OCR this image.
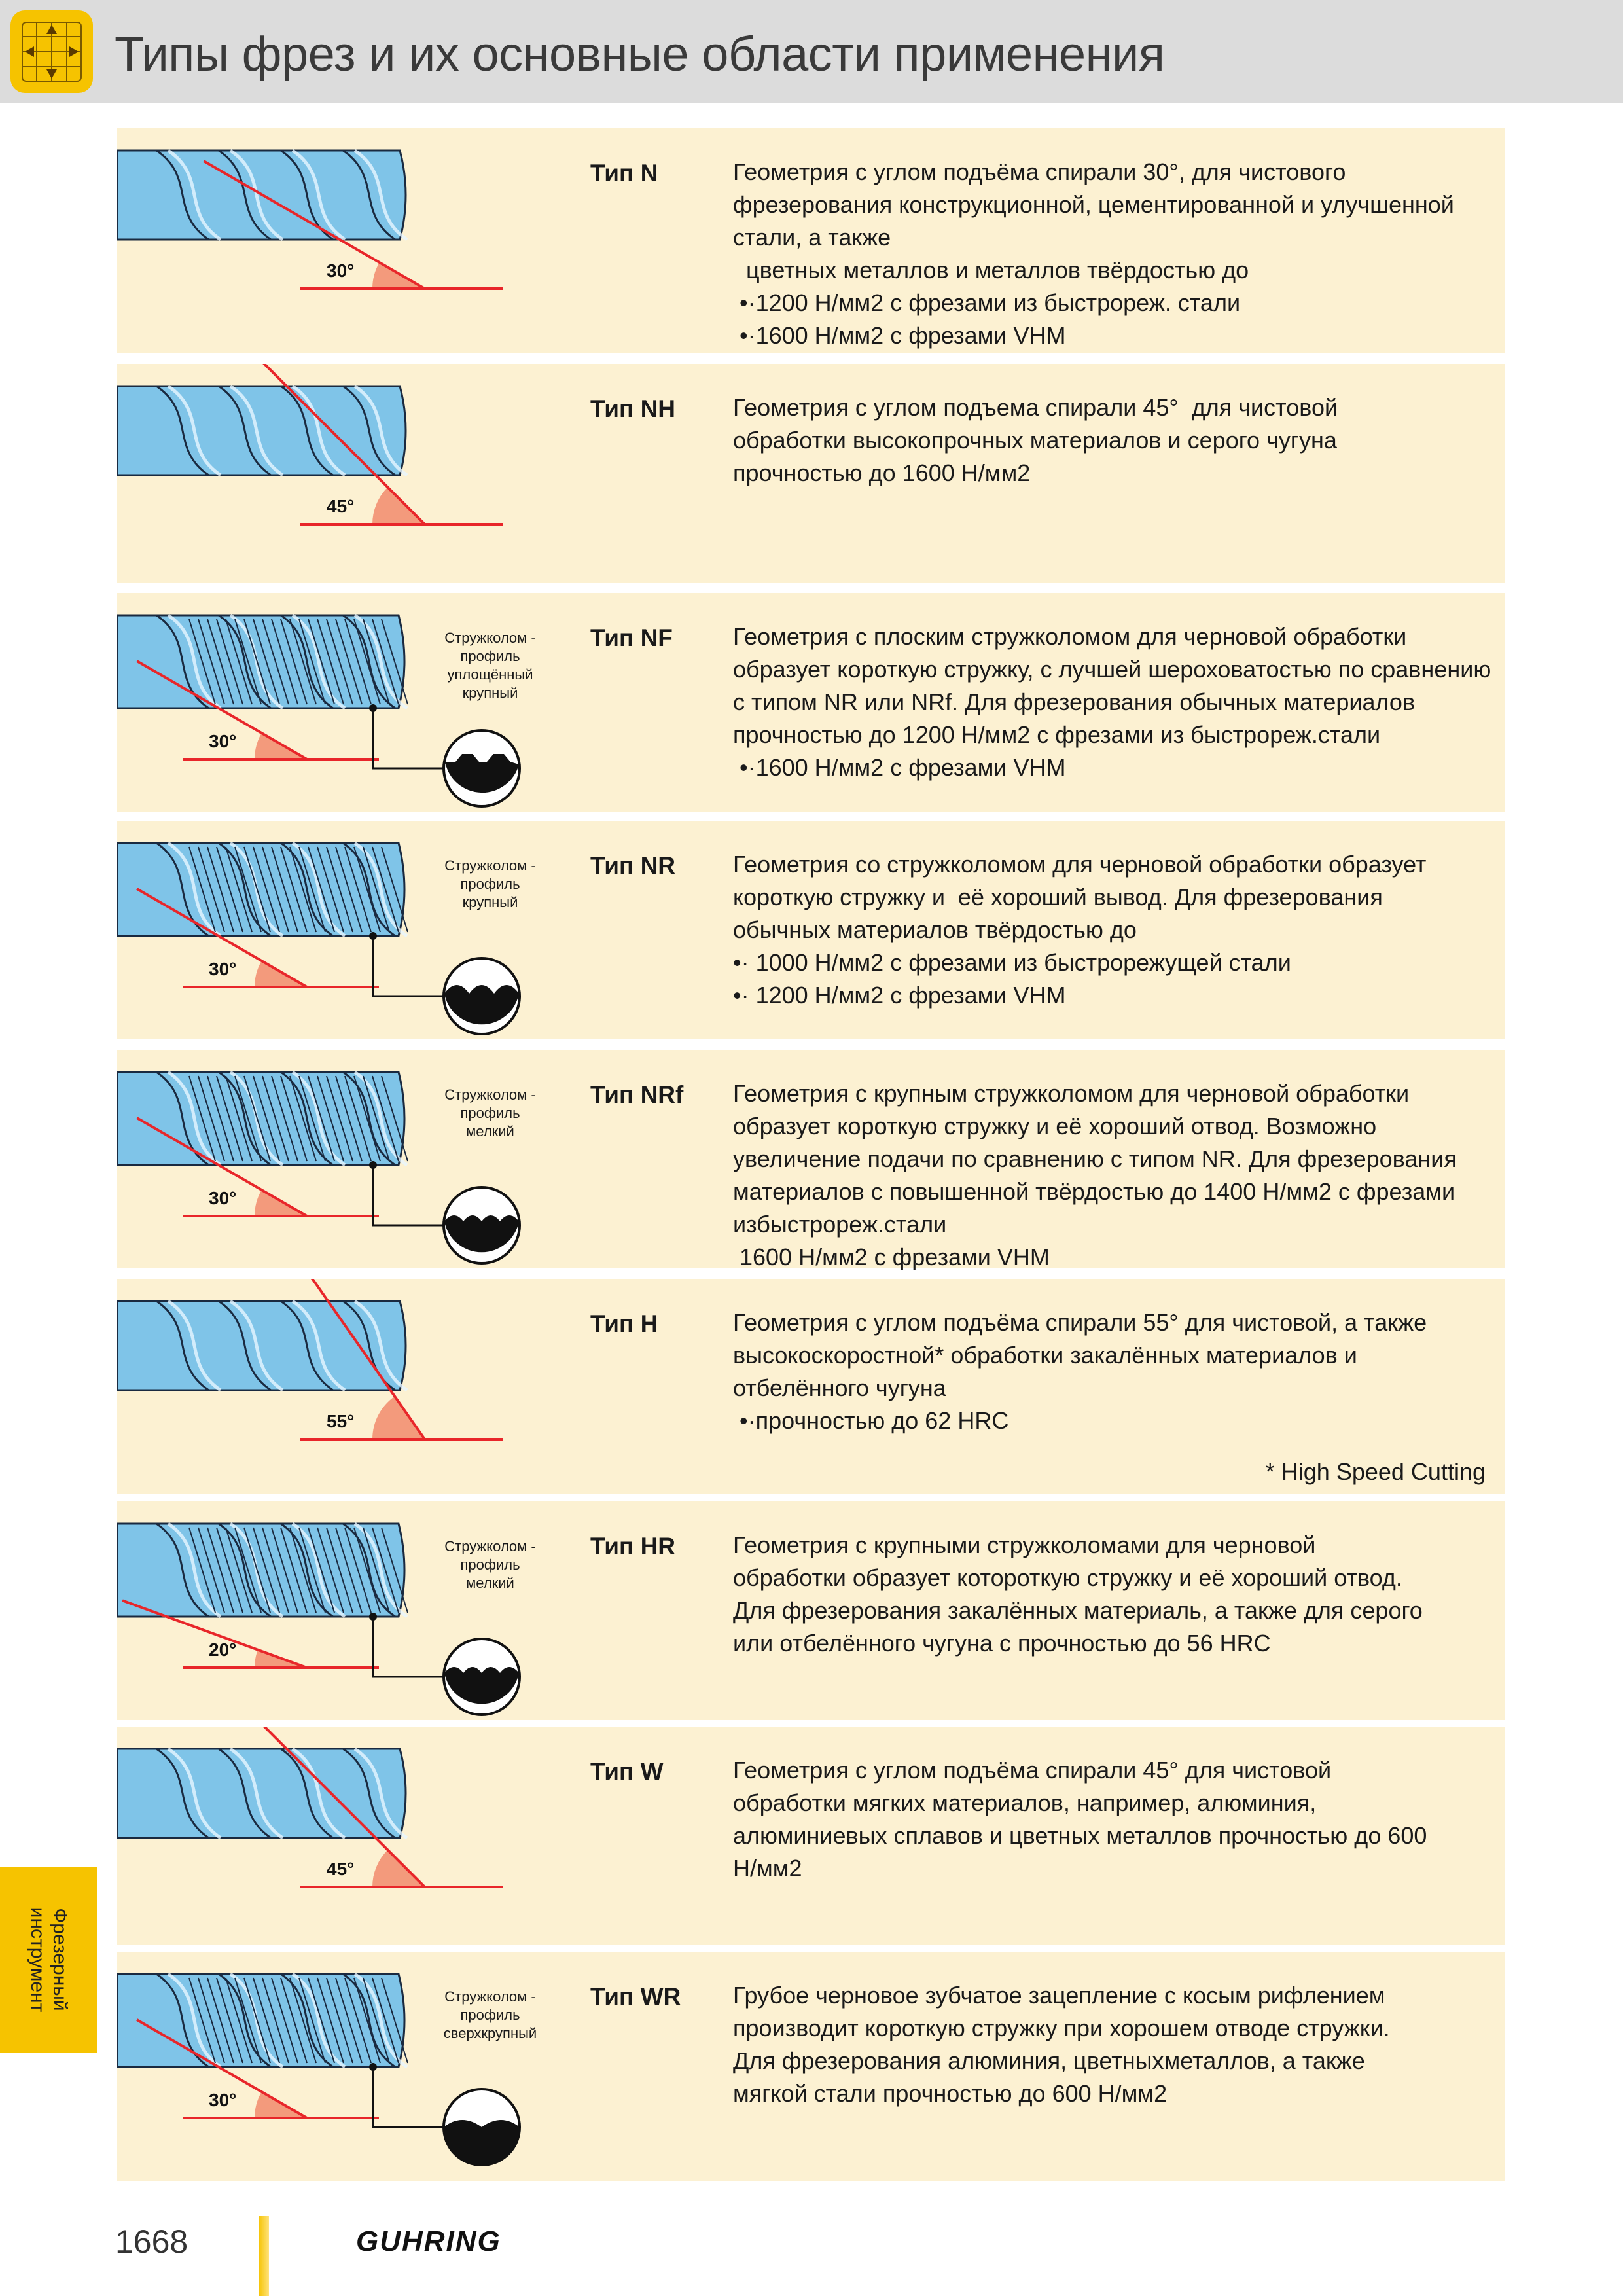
Типы фрез и их основные области применения
30°
Тип N	Геометрия с углом подъёма спирали 30°, для чистового
фрезерования конструкционной, цементированной и улучшенной
стали, а также
цветных металлов и металлов твёрдостью до
•·1200 Н/мм2 с фрезами из быстрореж. стали
•·1600 Н/мм2 с фрезами VHM
45°
Тип NH Геометрия с углом подъема спирали 45°  для чистовой
обработки высокопрочных материалов и серого чугуна
прочностью до 1600 Н/мм2
30°
Стружколом -
профиль
уплощённый
крупный
Тип NF	Геометрия с плоским стружколомом для черновой обработки
образует короткую стружку, с лучшей шероховатостью по сравнению
с типом NR или NRf. Для фрезерования обычных материалов
прочностью до 1200 Н/мм2 с фрезами из быстрореж.стали
•·1600 Н/мм2 с фрезами VHM
30°
Стружколом -
профиль
крупный
Тип NR Геометрия со стружколомом для черновой обработки образует
короткую стружку и  её хороший вывод. Для фрезерования
обычных материалов твёрдостью до
•· 1000 Н/мм2 с фрезами из быстрорежущей стали
•· 1200 Н/мм2 с фрезами VHM
30°
Стружколом -
профиль
мелкий
Тип NRf Геометрия с крупным стружколомом для черновой обработки
образует короткую стружку и её хороший отвод. Возможно
увеличение подачи по сравнению с типом NR. Для фрезерования
материалов с повышенной твёрдостью до 1400 Н/мм2 с фрезами
избыстрореж.стали
1600 Н/мм2 с фрезами VHM
55°
Тип H	Геометрия с углом подъёма спирали 55° для чистовой, а также
высокоскоростной* обработки закалённых материалов и
отбелённого чугуна
•·прочностью до 62 HRC
* High Speed Cutting
20°
Стружколом -
профиль
мелкий
Тип HR Геометрия с крупными стружколомами для черновой
обработки образует котороткую стружку и её хороший отвод.
Для фрезерования закалённых материаль, а также для серого
или отбелённого чугуна с прочностью до 56 HRC
45°
Тип W	Геометрия с углом подъёма спирали 45° для чистовой
обработки мягких материалов, например, алюминия,
алюминиевых сплавов и цветных металлов прочностью до 600
Н/мм2
30°
Стружколом -
профиль
сверхкрупный
Тип WR Грубое черновое зубчатое зацепление с косым рифлением
производит короткую стружку при хорошем отводе стружки.
Для фрезерования алюминия, цветныхметаллов, а также
мягкой стали прочностью до 600 Н/мм2
Фрезерный
инструмент
1668	GUHRING
